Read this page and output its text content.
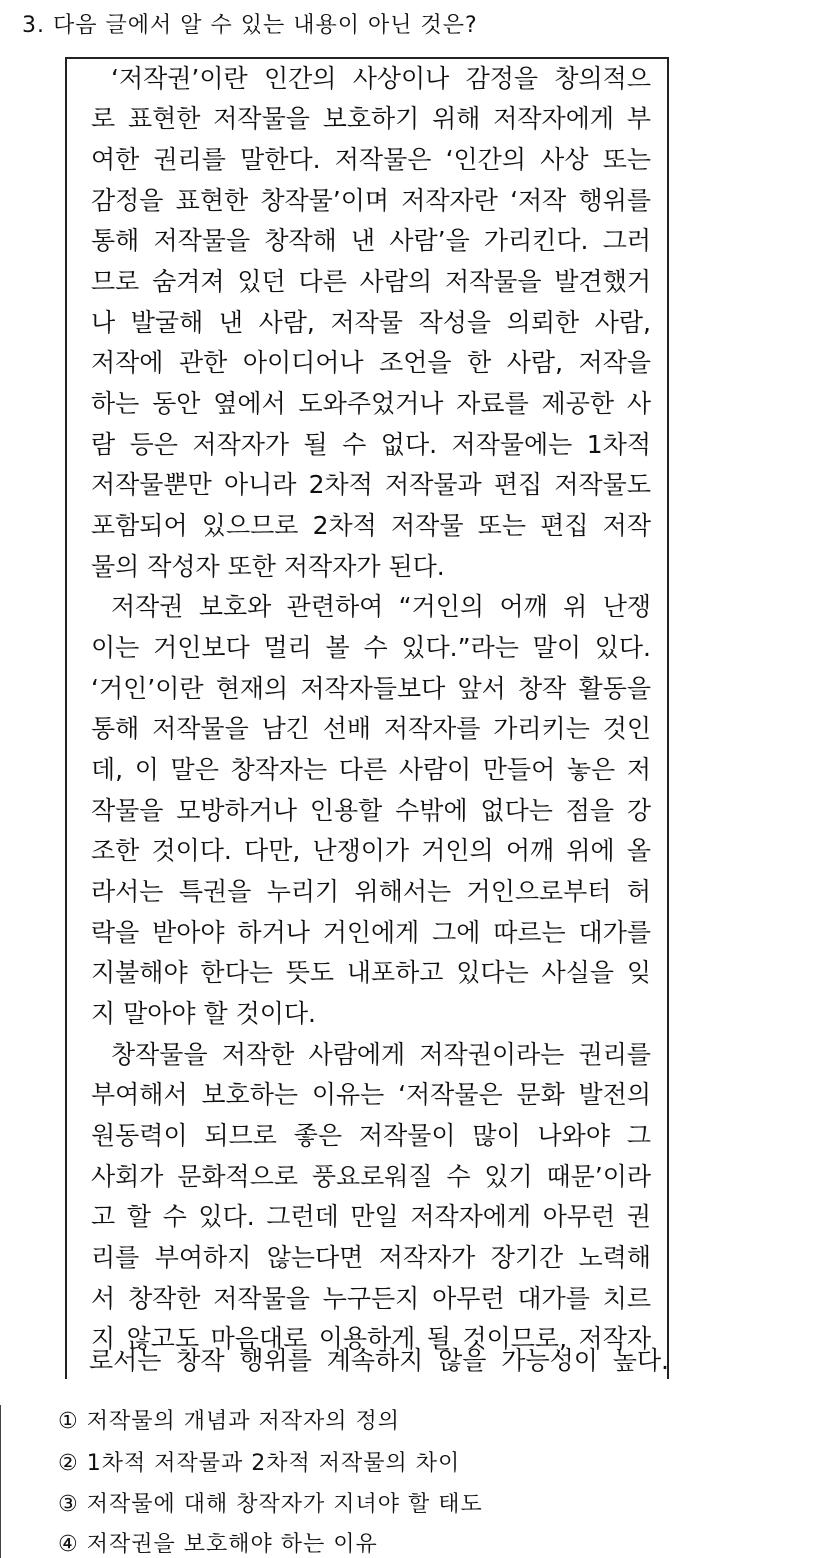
3. 다음 글에서 알 수 있는 내용이 아닌 것은?
‘저작권’이란 인간의 사상이나 감정을 창의적으
로 표현한 저작물을 보호하기 위해 저작자에게 부
여한 권리를 말한다. 저작물은 ‘인간의 사상 또는
감정을 표현한 창작물’이며 저작자란 ‘저작 행위를
통해 저작물을 창작해 낸 사람’을 가리킨다. 그러
므로 숨겨져 있던 다른 사람의 저작물을 발견했거
나 발굴해 낸 사람, 저작물 작성을 의뢰한 사람,
저작에 관한 아이디어나 조언을 한 사람, 저작을
하는 동안 옆에서 도와주었거나 자료를 제공한 사
람 등은 저작자가 될 수 없다. 저작물에는 1차적
저작물뿐만 아니라 2차적 저작물과 편집 저작물도
포함되어 있으므로 2차적 저작물 또는 편집 저작
물의 작성자 또한 저작자가 된다.
저작권 보호와 관련하여 “거인의 어깨 위 난쟁
이는 거인보다 멀리 볼 수 있다.”라는 말이 있다.
‘거인’이란 현재의 저작자들보다 앞서 창작 활동을
통해 저작물을 남긴 선배 저작자를 가리키는 것인
데, 이 말은 창작자는 다른 사람이 만들어 놓은 저
작물을 모방하거나 인용할 수밖에 없다는 점을 강
조한 것이다. 다만, 난쟁이가 거인의 어깨 위에 올
라서는 특권을 누리기 위해서는 거인으로부터 허
락을 받아야 하거나 거인에게 그에 따르는 대가를
지불해야 한다는 뜻도 내포하고 있다는 사실을 잊
지 말아야 할 것이다.
창작물을 저작한 사람에게 저작권이라는 권리를
부여해서 보호하는 이유는 ‘저작물은 문화 발전의
원동력이 되므로 좋은 저작물이 많이 나와야 그
사회가 문화적으로 풍요로워질 수 있기 때문’이라
고 할 수 있다. 그런데 만일 저작자에게 아무런 권
리를 부여하지 않는다면 저작자가 장기간 노력해
서 창작한 저작물을 누구든지 아무런 대가를 치르
지 않고도 마음대로 이용하게 될 것이므로, 저작자
로서는 창작 행위를 계속하지 않을 가능성이 높다.
① 저작물의 개념과 저작자의 정의
② 1차적 저작물과 2차적 저작물의 차이
③ 저작물에 대해 창작자가 지녀야 할 태도
④ 저작권을 보호해야 하는 이유
